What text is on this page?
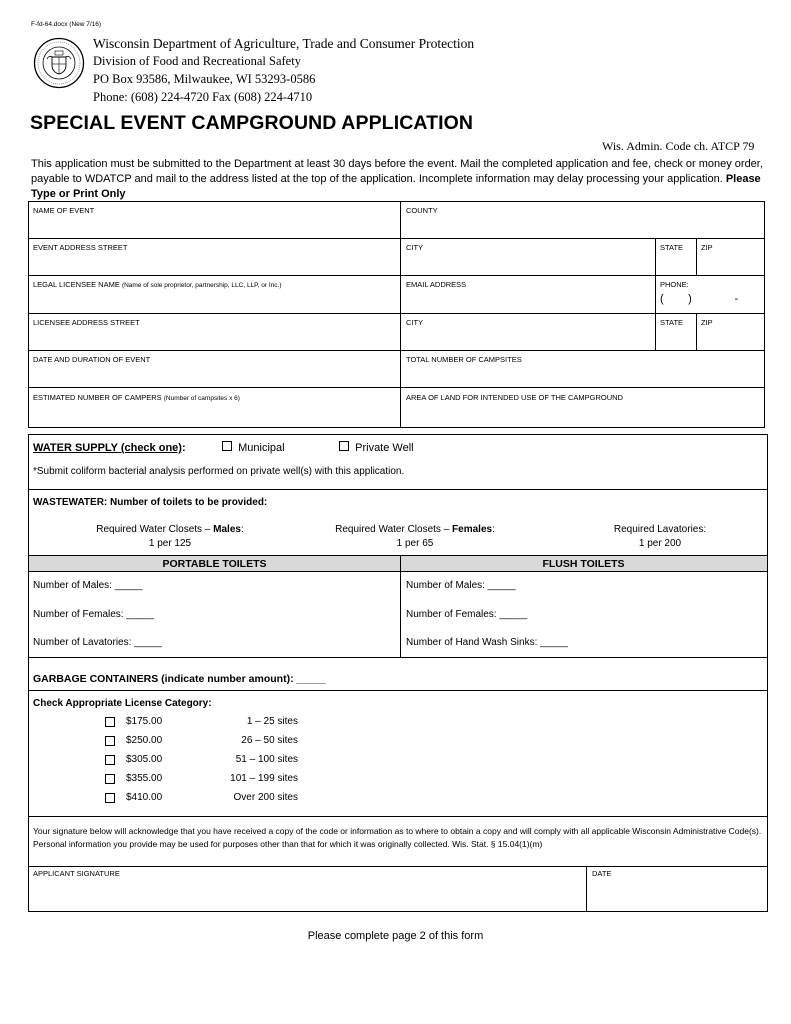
F-fd-64.docx (New 7/16)
Wisconsin Department of Agriculture, Trade and Consumer Protection
Division of Food and Recreational Safety
PO Box 93586, Milwaukee, WI 53293-0586
Phone: (608) 224-4720 Fax (608) 224-4710
SPECIAL EVENT CAMPGROUND APPLICATION
Wis. Admin. Code ch. ATCP 79
This application must be submitted to the Department at least 30 days before the event. Mail the completed application and fee, check or money order, payable to WDATCP and mail to the address listed at the top of the application. Incomplete information may delay processing your application. Please Type or Print Only
NAME OF EVENT	COUNTY
EVENT ADDRESS STREET	CITY	STATE ZIP
LEGAL LICENSEE NAME (Name of sole proprietor, partnership, LLC, LLP, or Inc.)	EMAIL ADDRESS	PHONE:
(        )              -
LICENSEE ADDRESS STREET	CITY	STATE ZIP
DATE AND DURATION OF EVENT	TOTAL NUMBER OF CAMPSITES
ESTIMATED NUMBER OF CAMPERS (Number of campsites x 6)	AREA OF LAND FOR INTENDED USE OF THE CAMPGROUND
WATER SUPPLY (check one):	Municipal	Private Well
*Submit coliform bacterial analysis performed on private well(s) with this application.
WASTEWATER: Number of toilets to be provided:
Required Water Closets – Males:
1 per 125
Required Water Closets – Females:
1 per 65
Required Lavatories:
1 per 200
PORTABLE TOILETS	FLUSH TOILETS
Number of Males: _____
Number of Females: _____
Number of Lavatories: _____
Number of Males: _____
Number of Females: _____
Number of Hand Wash Sinks: _____
GARBAGE CONTAINERS (indicate number amount): _____
Check Appropriate License Category:
$175.00	1 – 25 sites
$250.00	26 – 50 sites
$305.00	51 – 100 sites
$355.00	101 – 199 sites
$410.00	Over 200 sites
Your signature below will acknowledge that you have received a copy of the code or information as to where to obtain a copy and will comply with all applicable Wisconsin Administrative Code(s). Personal information you provide may be used for purposes other than that for which it was originally collected. Wis. Stat. § 15.04(1)(m)
APPLICANT SIGNATURE	DATE
Please complete page 2 of this form
